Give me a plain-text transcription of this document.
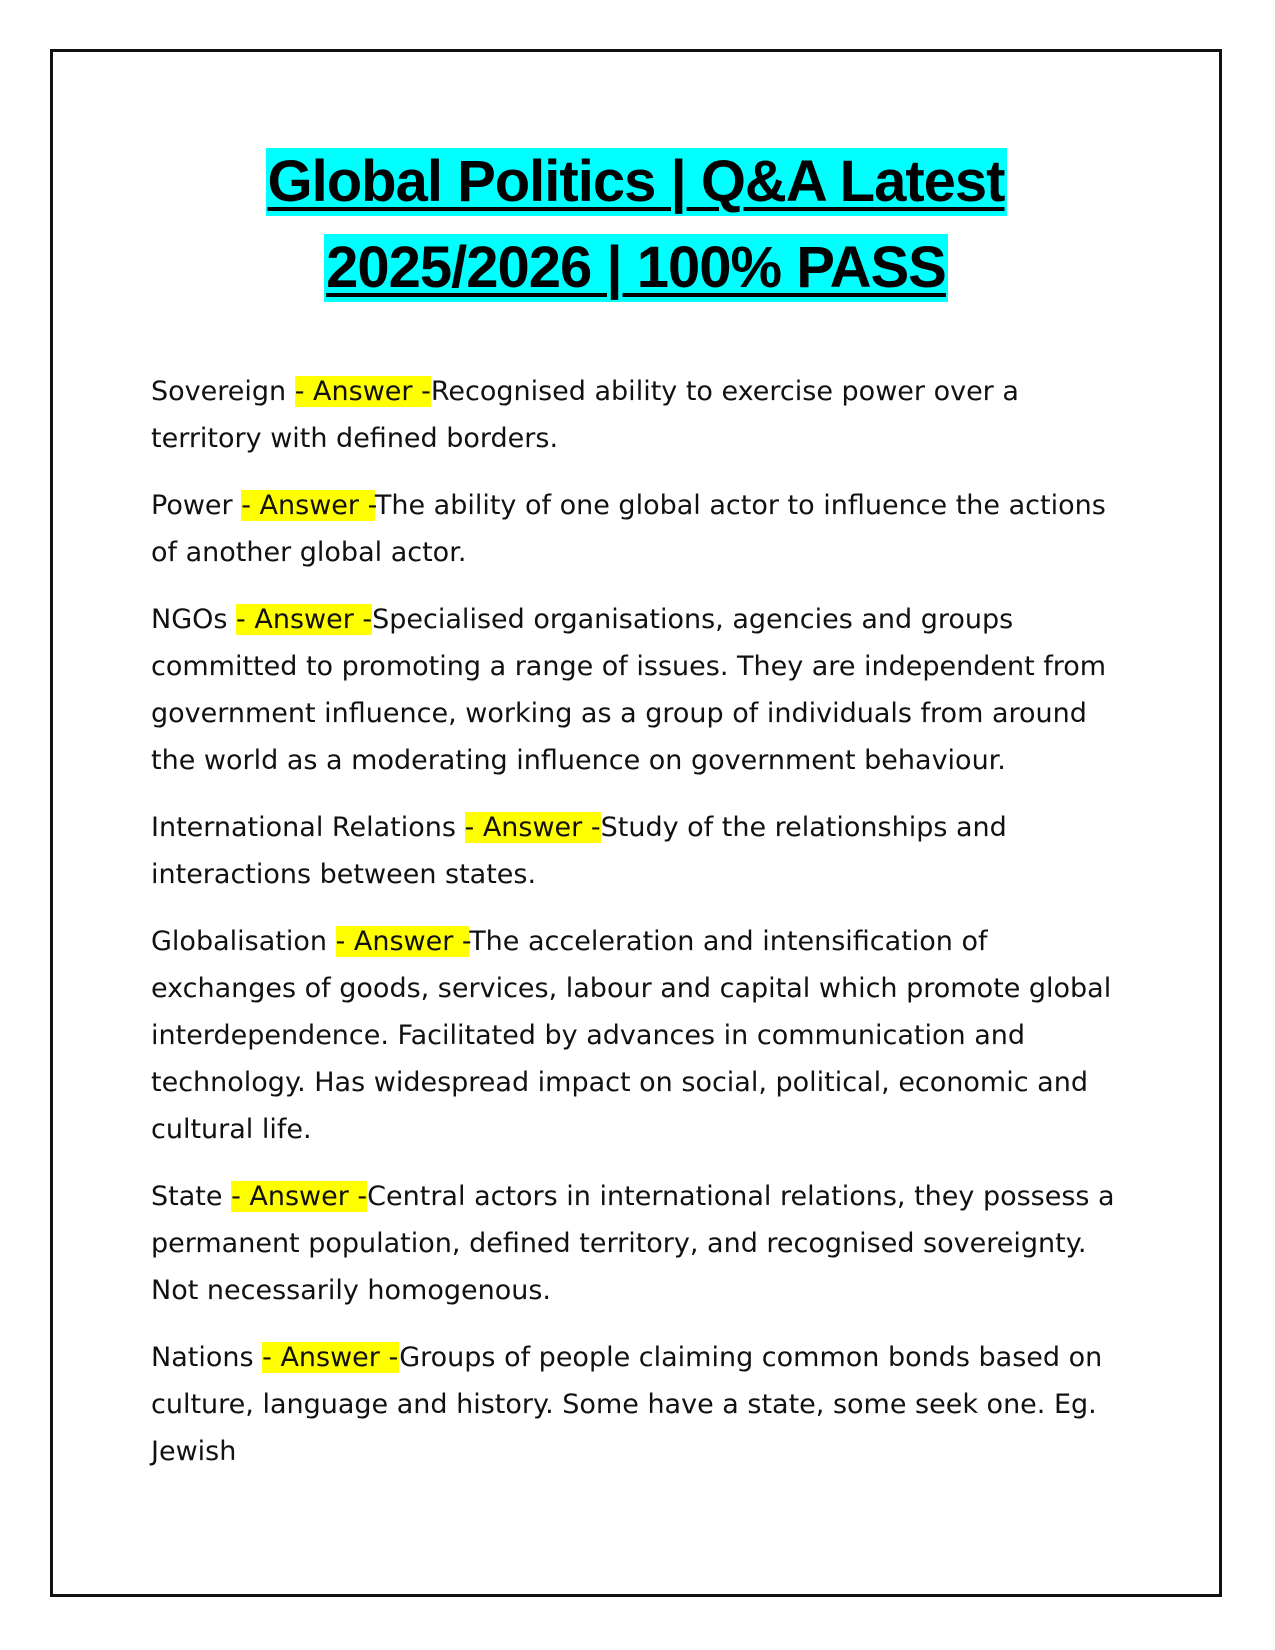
Global Politics | Q&A Latest
2025/2026 | 100% PASS

Sovereign - Answer -Recognised ability to exercise power over a territory with defined borders.

Power - Answer -The ability of one global actor to influence the actions of another global actor.

NGOs - Answer -Specialised organisations, agencies and groups committed to promoting a range of issues. They are independent from government influence, working as a group of individuals from around the world as a moderating influence on government behaviour.

International Relations - Answer -Study of the relationships and interactions between states.

Globalisation - Answer -The acceleration and intensification of exchanges of goods, services, labour and capital which promote global interdependence. Facilitated by advances in communication and technology. Has widespread impact on social, political, economic and cultural life.

State - Answer -Central actors in international relations, they possess a permanent population, defined territory, and recognised sovereignty. Not necessarily homogenous.

Nations - Answer -Groups of people claiming common bonds based on culture, language and history. Some have a state, some seek one. Eg. Jewish
